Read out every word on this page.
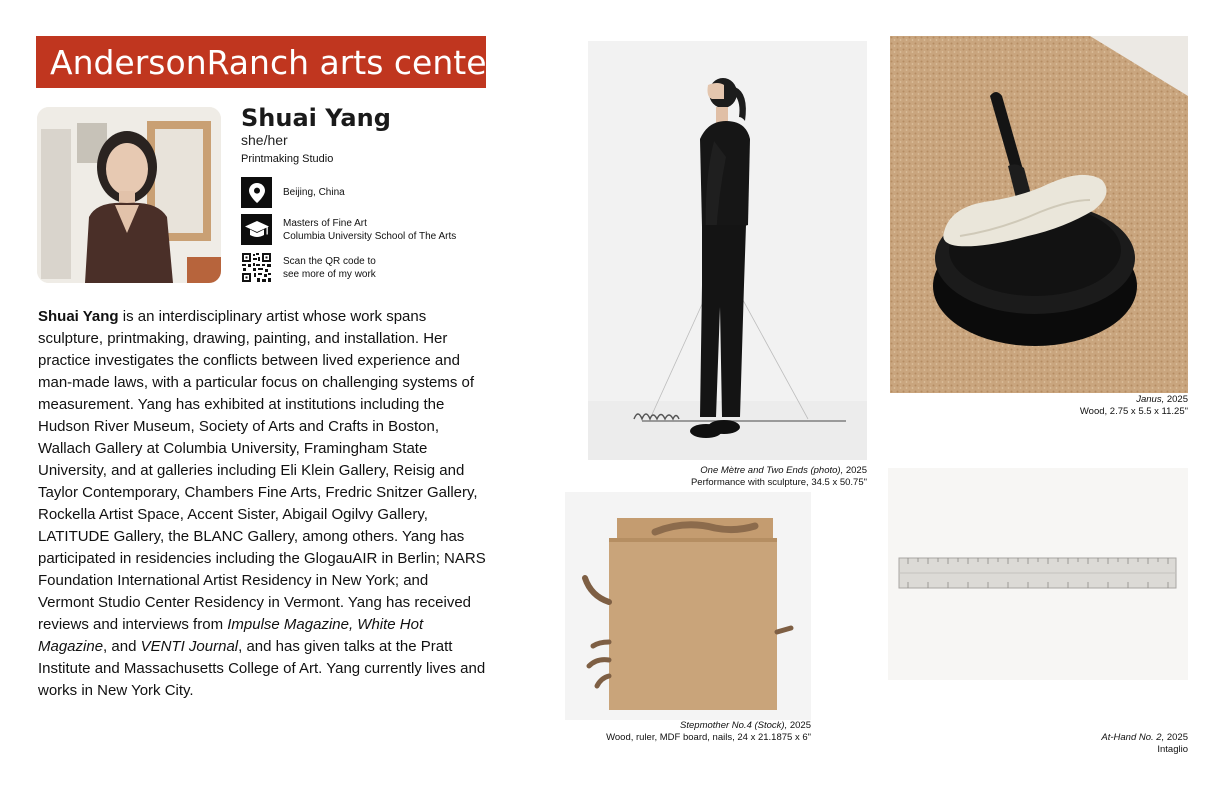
AndersonRanch arts center
Shuai Yang
she/her
Printmaking Studio
Beijing, China
Masters of Fine Art
Columbia University School of The Arts
Scan the QR code to
see more of my work
Shuai Yang is an interdisciplinary artist whose work spans sculpture, printmaking, drawing, painting, and installation. Her practice investigates the conflicts between lived experience and man-made laws, with a particular focus on challenging systems of measurement. Yang has exhibited at institutions including the Hudson River Museum, Society of Arts and Crafts in Boston, Wallach Gallery at Columbia University, Framingham State University, and at galleries including Eli Klein Gallery, Reisig and Taylor Contemporary, Chambers Fine Arts, Fredric Snitzer Gallery, Rockella Artist Space, Accent Sister, Abigail Ogilvy Gallery, LATITUDE Gallery, the BLANC Gallery, among others. Yang has participated in residencies including the GlogauAIR in Berlin; NARS Foundation International Artist Residency in New York; and Vermont Studio Center Residency in Vermont. Yang has received reviews and interviews from Impulse Magazine, White Hot Magazine, and VENTI Journal, and has given talks at the Pratt Institute and Massachusetts College of Art. Yang currently lives and works in New York City.
One Mètre and Two Ends (photo), 2025
Performance with sculpture, 34.5 x 50.75"
Janus, 2025
Wood, 2.75 x 5.5 x 11.25"
Stepmother No.4 (Stock), 2025
Wood, ruler, MDF board, nails, 24 x 21.1875 x 6"	At-Hand No. 2, 2025
Intaglio
